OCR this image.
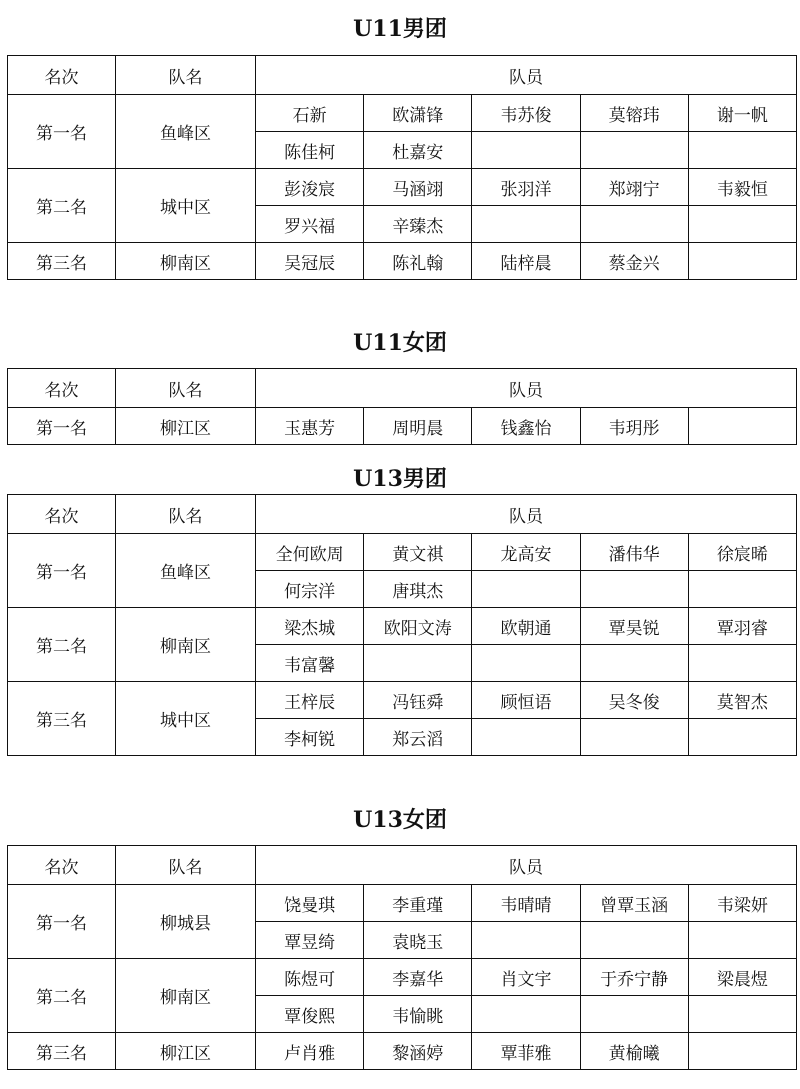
U11男团
名次	队名	队员				
第一名	鱼峰区	石新	欧潇锋	韦苏俊	莫镕玮	谢一帆
		陈佳柯	杜嘉安			
第二名	城中区	彭浚宸	马涵翊	张羽洋	郑翊宁	韦毅恒
		罗兴福	辛臻杰			
第三名	柳南区	吴冠辰	陈礼翰	陆梓晨	蔡金兴	
U11女团
名次	队名	队员				
第一名	柳江区	玉惠芳	周明晨	钱鑫怡	韦玥彤	
U13男团
名次	队名	队员				
第一名	鱼峰区	全何欧周	黄文祺	龙高安	潘伟华	徐宸晞
		何宗洋	唐琪杰			
第二名	柳南区	梁杰城	欧阳文涛	欧朝通	覃昊锐	覃羽睿
		韦富馨				
第三名	城中区	王梓辰	冯钰舜	顾恒语	吴冬俊	莫智杰
		李柯锐	郑云滔			
U13女团
名次	队名	队员				
第一名	柳城县	饶曼琪	李重瑾	韦晴晴	曾覃玉涵	韦梁妍
		覃昱绮	袁晓玉			
第二名	柳南区	陈煜可	李嘉华	肖文宇	于乔宁静	梁晨煜
		覃俊熙	韦愉眺			
第三名	柳江区	卢肖雅	黎涵婷	覃菲雅	黄榆曦	
